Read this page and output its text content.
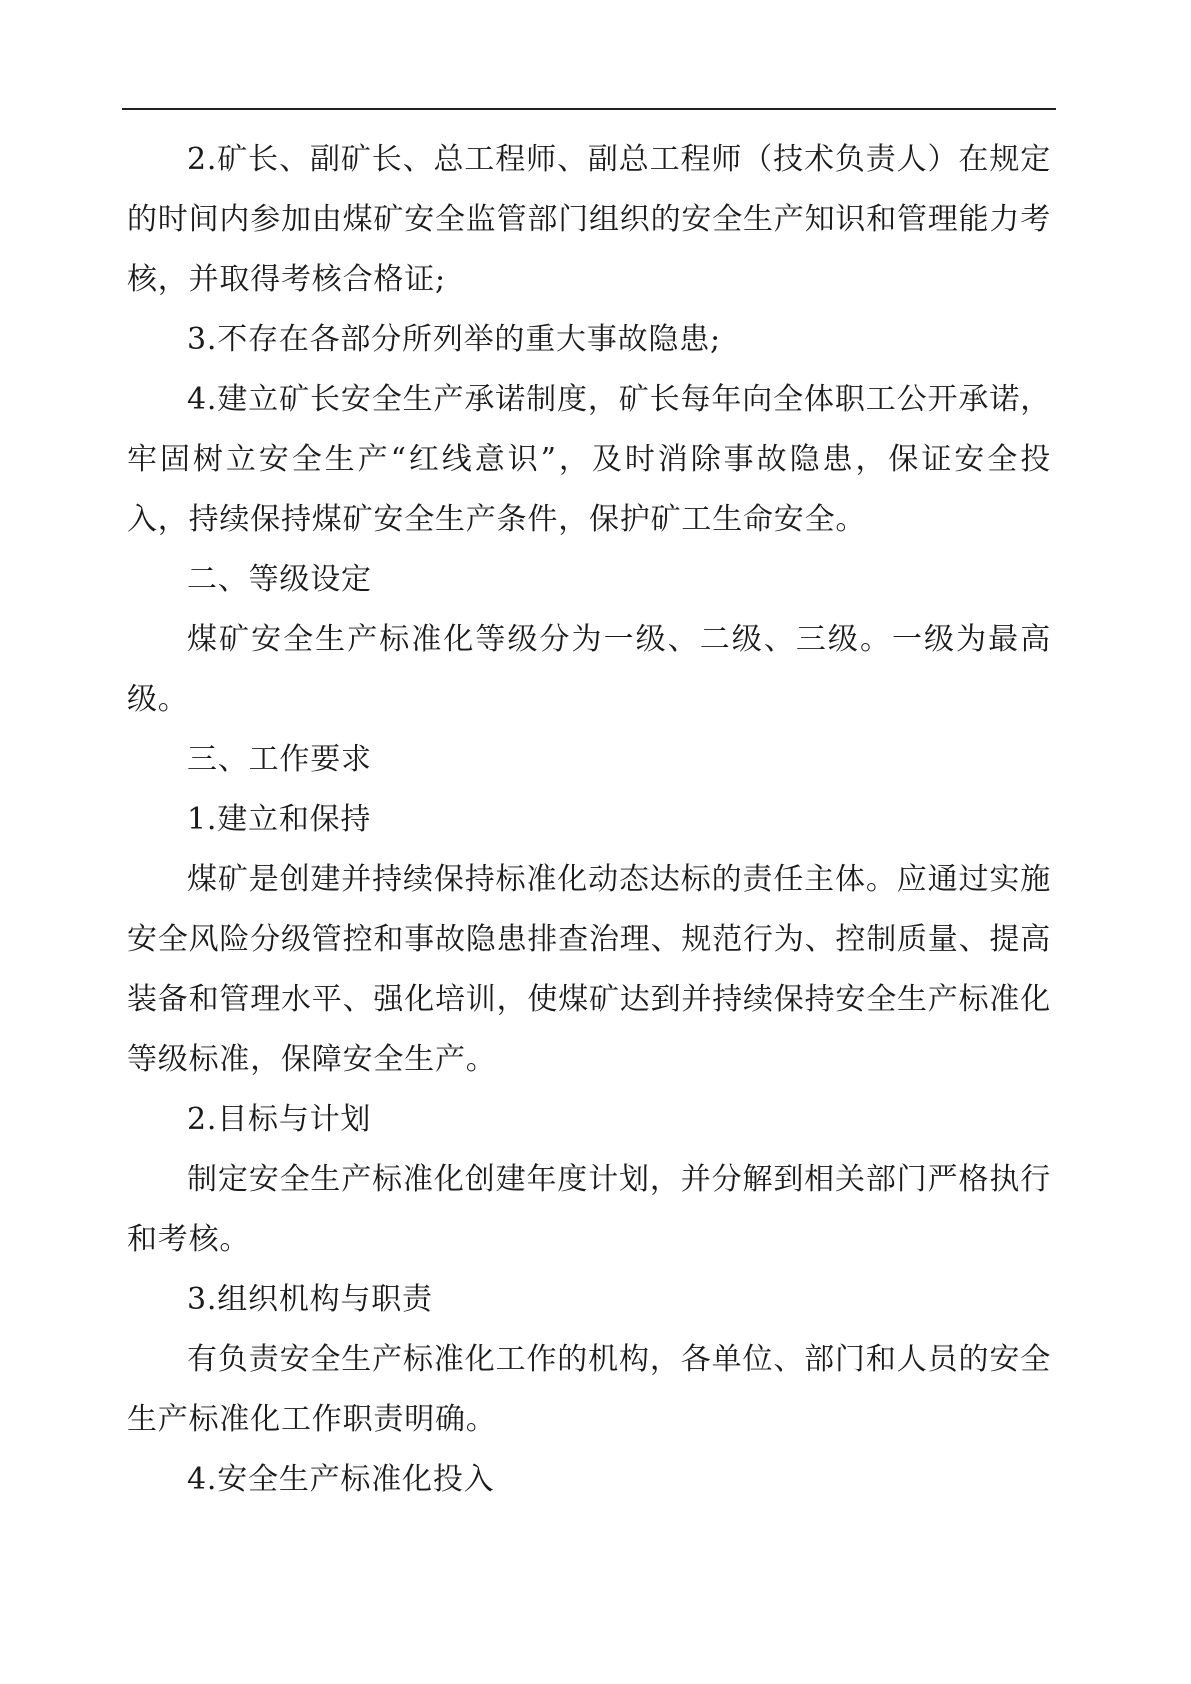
2.矿长、副矿长、总工程师、副总工程师（技术负责人）在规定的时间内参加由煤矿安全监管部门组织的安全生产知识和管理能力考核，并取得考核合格证;

3.不存在各部分所列举的重大事故隐患;

4.建立矿长安全生产承诺制度，矿长每年向全体职工公开承诺，牢固树立安全生产“红线意识”，及时消除事故隐患，保证安全投入，持续保持煤矿安全生产条件，保护矿工生命安全。

二、等级设定

煤矿安全生产标准化等级分为一级、二级、三级。一级为最高级。

三、工作要求

1.建立和保持

煤矿是创建并持续保持标准化动态达标的责任主体。应通过实施安全风险分级管控和事故隐患排查治理、规范行为、控制质量、提高装备和管理水平、强化培训，使煤矿达到并持续保持安全生产标准化等级标准，保障安全生产。

2.目标与计划

制定安全生产标准化创建年度计划，并分解到相关部门严格执行和考核。

3.组织机构与职责

有负责安全生产标准化工作的机构，各单位、部门和人员的安全生产标准化工作职责明确。

4.安全生产标准化投入
